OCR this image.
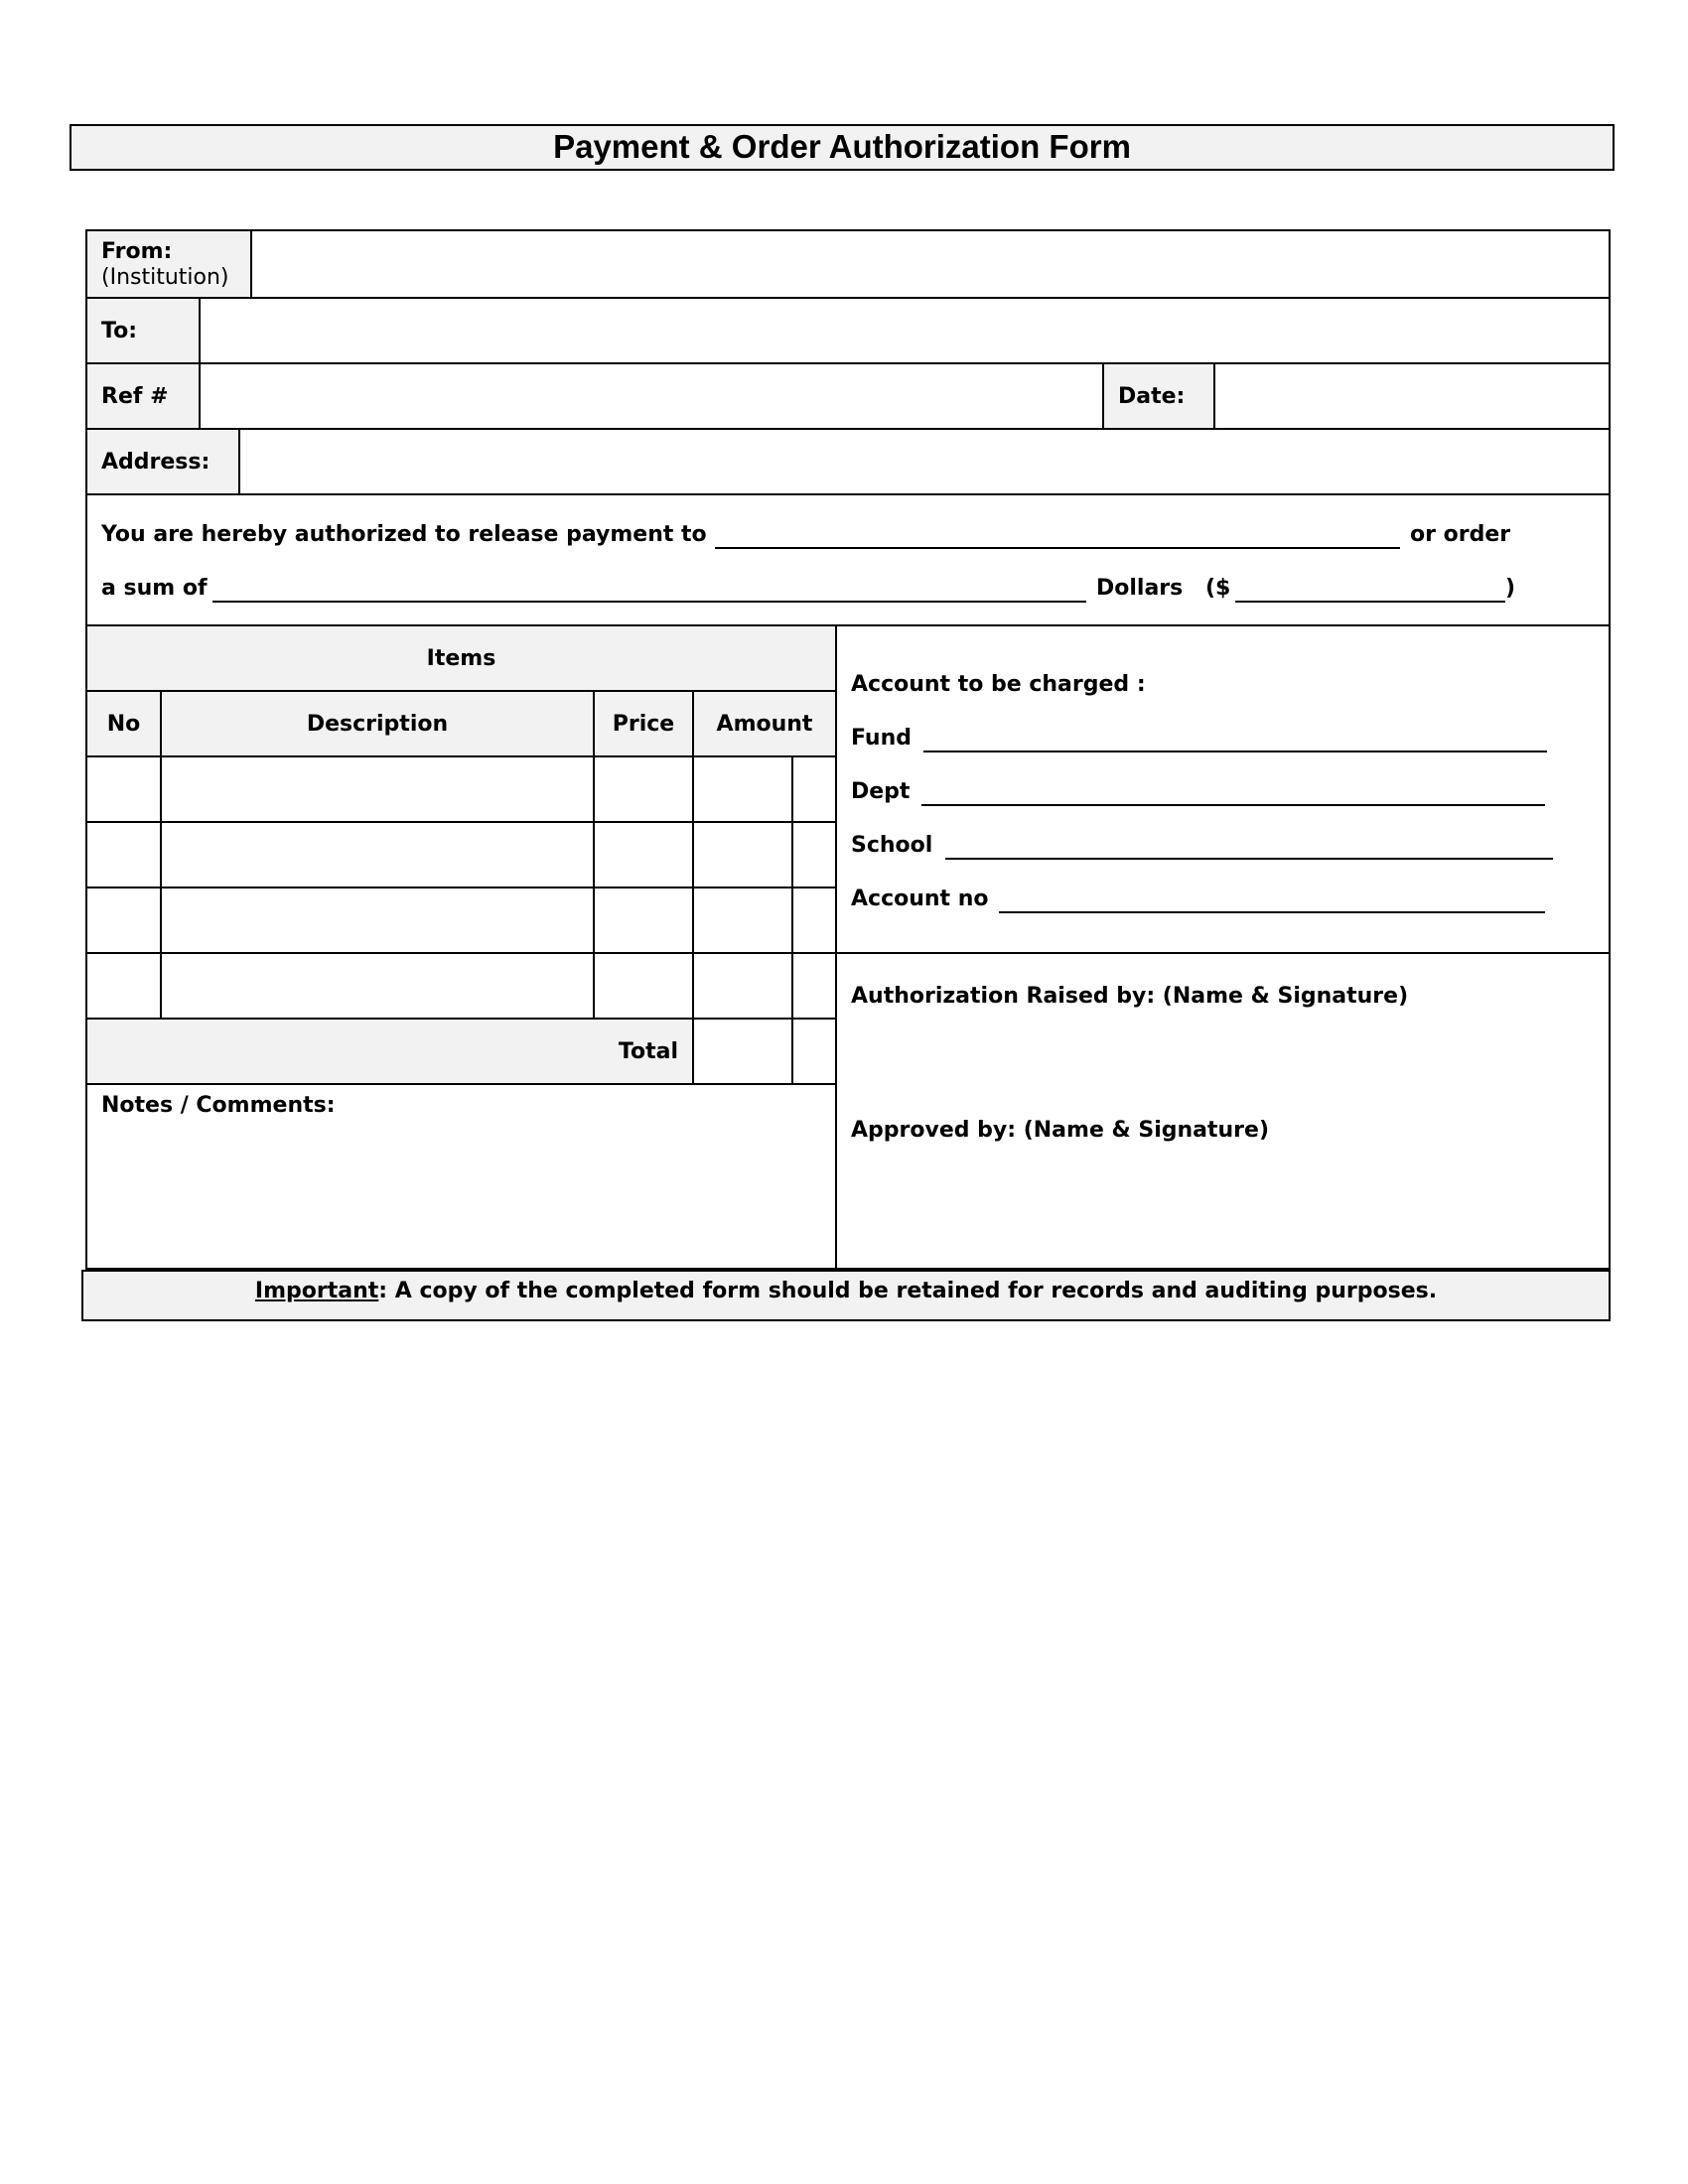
Payment & Order Authorization Form
From:
(Institution)
To:
Ref #	Date:
Address:
You are hereby authorized to release payment to	or order
a sum of	Dollars ($	)
Items
No	Description	Price	Amount
Total
Notes / Comments:
Account to be charged :
Fund
Dept
School
Account no
Authorization Raised by: (Name & Signature)
Approved by: (Name & Signature)
Important: A copy of the completed form should be retained for records and auditing purposes.
